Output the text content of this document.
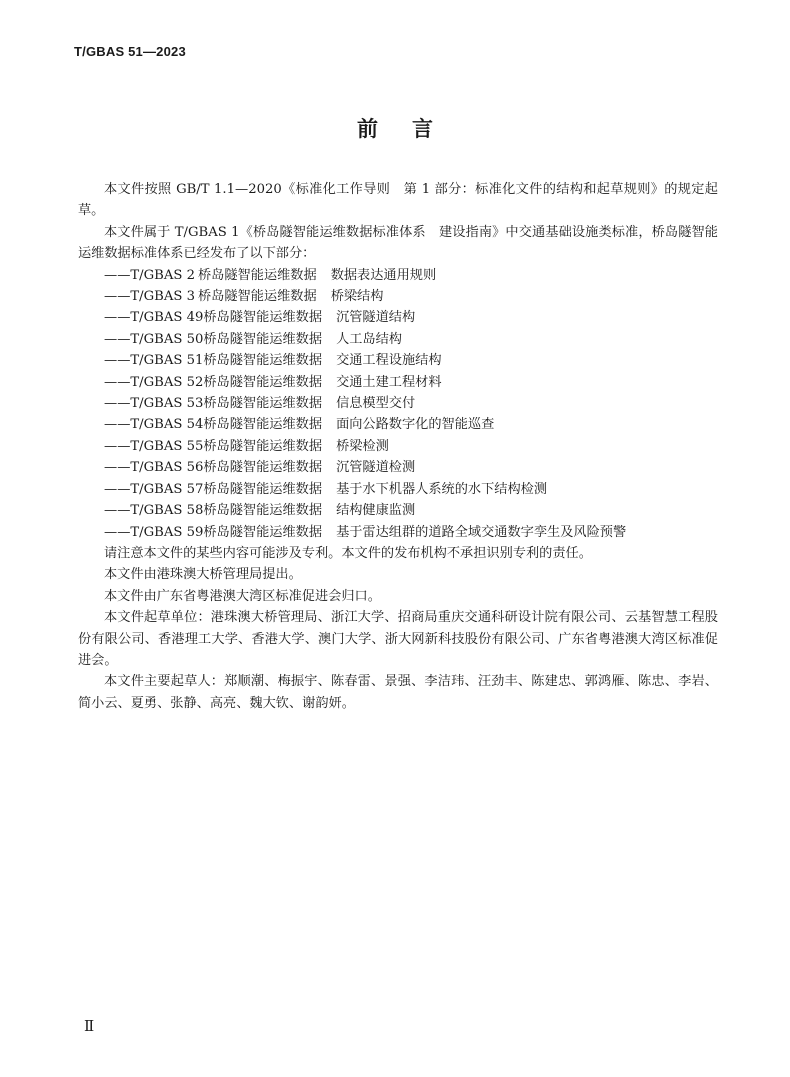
T/GBAS 51—2023
前言

本文件按照 GB/T 1.1—2020《标准化工作导则　第 1 部分：标准化文件的结构和起草规则》的规定起草。

本文件属于 T/GBAS 1《桥岛隧智能运维数据标准体系　建设指南》中交通基础设施类标准，桥岛隧智能运维数据标准体系已经发布了以下部分：

——T/GBAS 2 桥岛隧智能运维数据 数据表达通用规则
——T/GBAS 3 桥岛隧智能运维数据 桥梁结构
——T/GBAS 49桥岛隧智能运维数据 沉管隧道结构
——T/GBAS 50桥岛隧智能运维数据 人工岛结构
——T/GBAS 51桥岛隧智能运维数据 交通工程设施结构
——T/GBAS 52桥岛隧智能运维数据 交通土建工程材料
——T/GBAS 53桥岛隧智能运维数据 信息模型交付
——T/GBAS 54桥岛隧智能运维数据 面向公路数字化的智能巡查
——T/GBAS 55桥岛隧智能运维数据 桥梁检测
——T/GBAS 56桥岛隧智能运维数据 沉管隧道检测
——T/GBAS 57桥岛隧智能运维数据 基于水下机器人系统的水下结构检测
——T/GBAS 58桥岛隧智能运维数据 结构健康监测
——T/GBAS 59桥岛隧智能运维数据 基于雷达组群的道路全域交通数字孪生及风险预警

请注意本文件的某些内容可能涉及专利。本文件的发布机构不承担识别专利的责任。

本文件由港珠澳大桥管理局提出。

本文件由广东省粤港澳大湾区标准促进会归口。

本文件起草单位：港珠澳大桥管理局、浙江大学、招商局重庆交通科研设计院有限公司、云基智慧工程股份有限公司、香港理工大学、香港大学、澳门大学、浙大网新科技股份有限公司、广东省粤港澳大湾区标准促进会。

本文件主要起草人：郑顺潮、梅振宇、陈春雷、景强、李洁玮、汪劲丰、陈建忠、郭鸿雁、陈忠、李岩、简小云、夏勇、张静、高亮、魏大钦、谢韵妍。

Ⅱ
